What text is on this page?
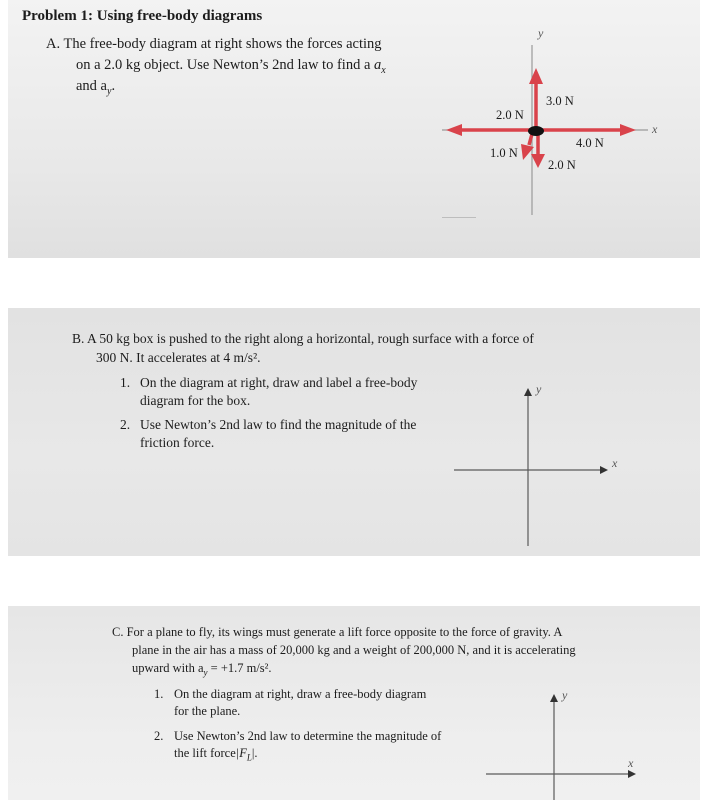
Problem 1: Using free-body diagrams
A. The free-body diagram at right shows the forces acting
on a 2.0 kg object. Use Newton’s 2nd law to find a $a_x$
and $a_y$.
y
x
3.0 N
2.0 N
4.0 N
1.0 N
2.0 N
B. A 50 kg box is pushed to the right along a horizontal, rough surface with a force of
300 N. It accelerates at 4 m/s².
1. On the diagram at right, draw and label a free-body
diagram for the box.
2. Use Newton’s 2nd law to find the magnitude of the
friction force.
y
x
C. For a plane to fly, its wings must generate a lift force opposite to the force of gravity. A
plane in the air has a mass of 20,000 kg and a weight of 200,000 N, and it is accelerating
upward with $a_y = +1.7$ m/s².
1. On the diagram at right, draw a free-body diagram
for the plane.
2. Use Newton’s 2nd law to determine the magnitude of
the lift $force|F_L|$.
y
x
